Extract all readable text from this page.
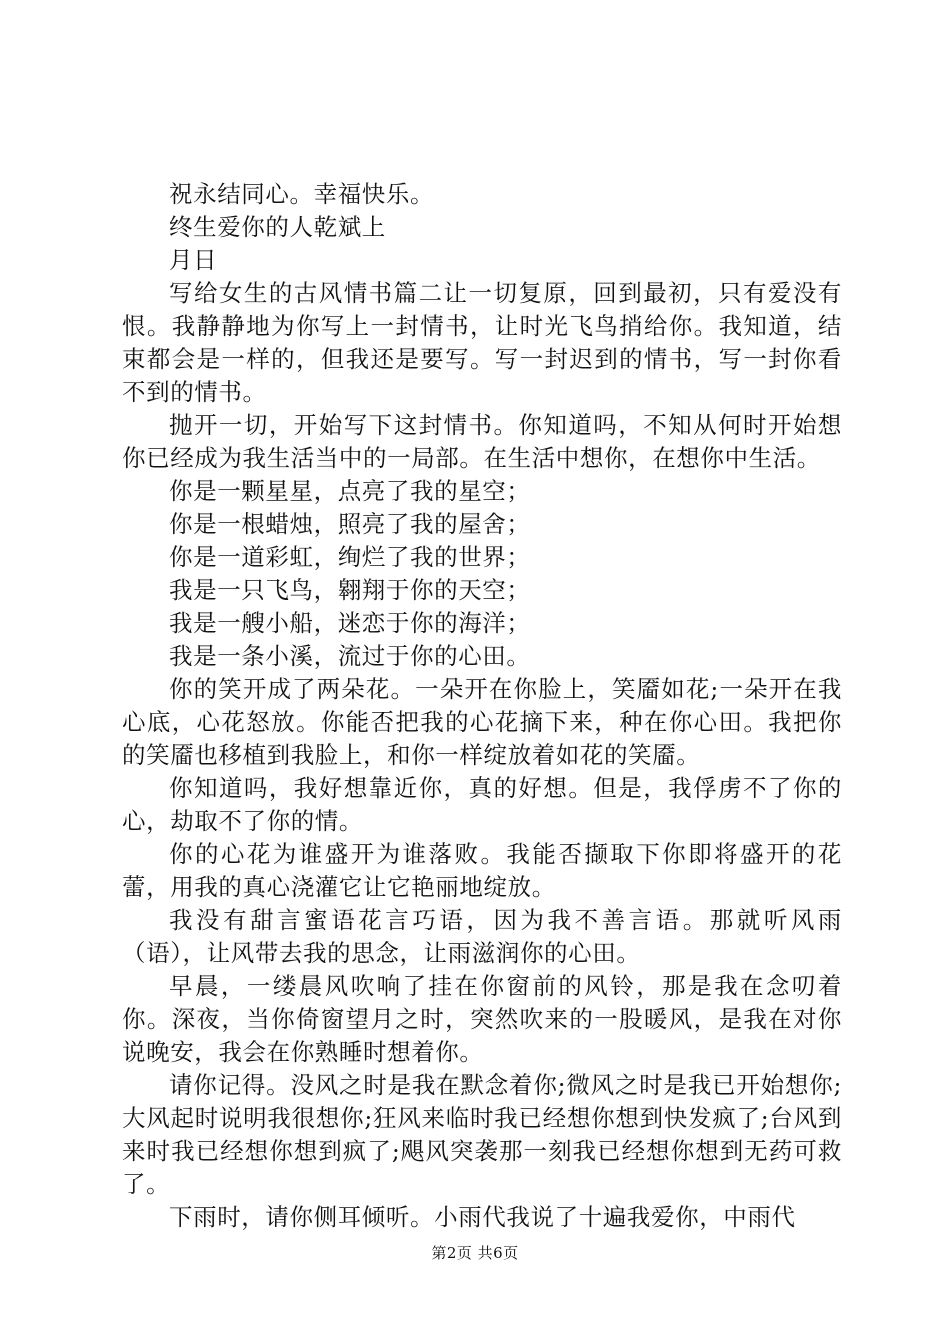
祝永结同心。幸福快乐。

终生爱你的人乾斌上

月日

写给女生的古风情书篇二让一切复原，回到最初，只有爱没有恨。我静静地为你写上一封情书，让时光飞鸟捎给你。我知道，结束都会是一样的，但我还是要写。写一封迟到的情书，写一封你看不到的情书。

抛开一切，开始写下这封情书。你知道吗，不知从何时开始想你已经成为我生活当中的一局部。在生活中想你，在想你中生活。

你是一颗星星，点亮了我的星空；

你是一根蜡烛，照亮了我的屋舍；

你是一道彩虹，绚烂了我的世界；

我是一只飞鸟，翱翔于你的天空；

我是一艘小船，迷恋于你的海洋；

我是一条小溪，流过于你的心田。

你的笑开成了两朵花。一朵开在你脸上，笑靥如花;一朵开在我心底，心花怒放。你能否把我的心花摘下来，种在你心田。我把你的笑靥也移植到我脸上，和你一样绽放着如花的笑靥。

你知道吗，我好想靠近你，真的好想。但是，我俘虏不了你的心，劫取不了你的情。

你的心花为谁盛开为谁落败。我能否撷取下你即将盛开的花蕾，用我的真心浇灌它让它艳丽地绽放。

我没有甜言蜜语花言巧语，因为我不善言语。那就听风雨（语），让风带去我的思念，让雨滋润你的心田。

早晨，一缕晨风吹响了挂在你窗前的风铃，那是我在念叨着你。深夜，当你倚窗望月之时，突然吹来的一股暖风，是我在对你说晚安，我会在你熟睡时想着你。

请你记得。没风之时是我在默念着你;微风之时是我已开始想你;大风起时说明我很想你;狂风来临时我已经想你想到快发疯了;台风到来时我已经想你想到疯了;飓风突袭那一刻我已经想你想到无药可救了。

下雨时，请你侧耳倾听。小雨代我说了十遍我爱你，中雨代

第2页 共6页
